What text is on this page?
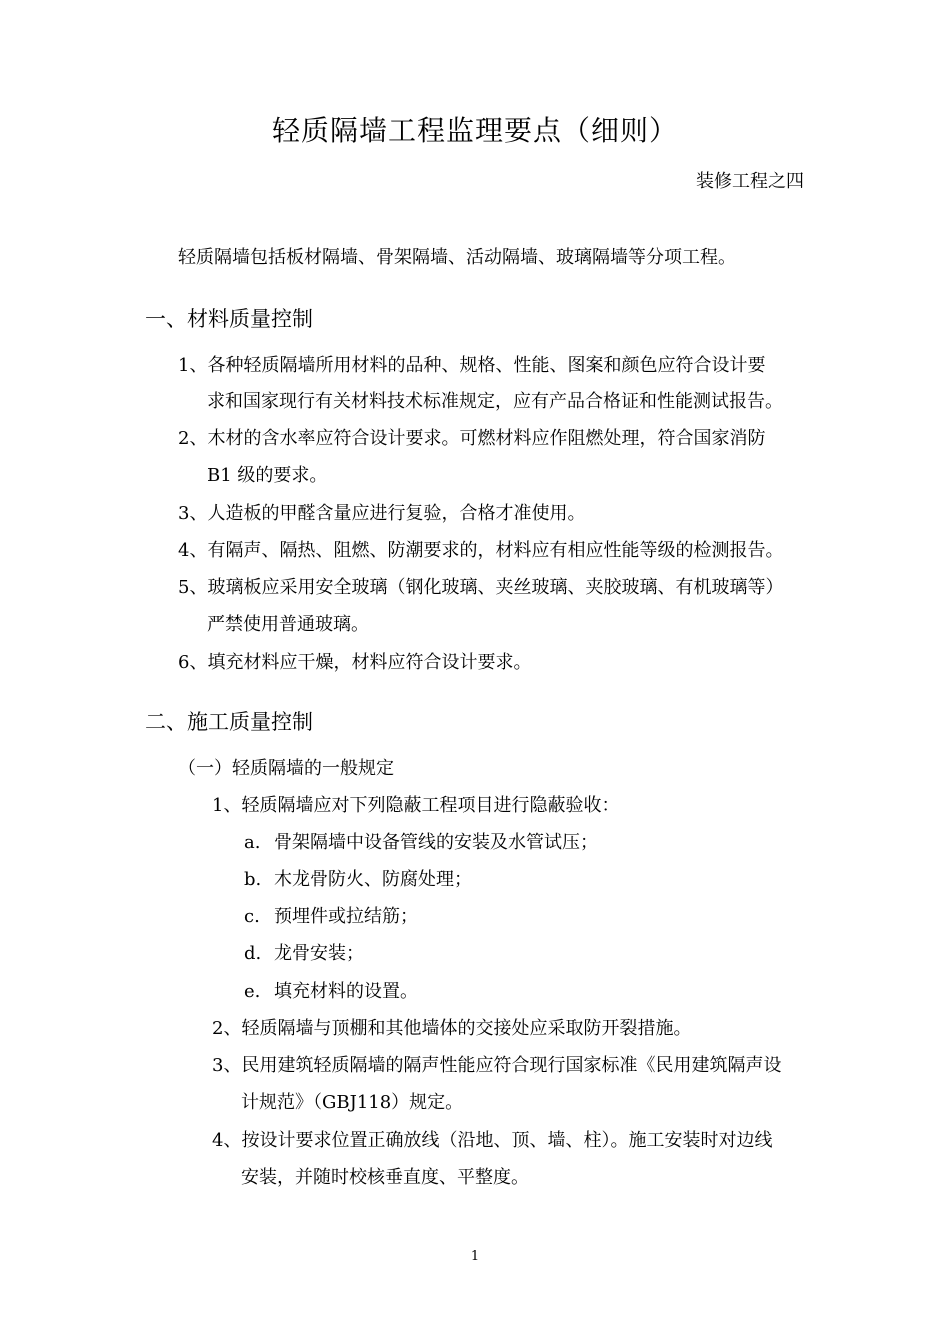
轻质隔墙工程监理要点（细则）
装修工程之四
轻质隔墙包括板材隔墙、骨架隔墙、活动隔墙、玻璃隔墙等分项工程。
一、材料质量控制
1、各种轻质隔墙所用材料的品种、规格、性能、图案和颜色应符合设计要
求和国家现行有关材料技术标准规定，应有产品合格证和性能测试报告。
2、木材的含水率应符合设计要求。可燃材料应作阻燃处理，符合国家消防
B1 级的要求。
3、人造板的甲醛含量应进行复验，合格才准使用。
4、有隔声、隔热、阻燃、防潮要求的，材料应有相应性能等级的检测报告。
5、玻璃板应采用安全玻璃（钢化玻璃、夹丝玻璃、夹胶玻璃、有机玻璃等）
严禁使用普通玻璃。
6、填充材料应干燥，材料应符合设计要求。
二、施工质量控制
（一）轻质隔墙的一般规定
1、轻质隔墙应对下列隐蔽工程项目进行隐蔽验收：
a. 骨架隔墙中设备管线的安装及水管试压；
b. 木龙骨防火、防腐处理；
c. 预埋件或拉结筋；
d. 龙骨安装；
e. 填充材料的设置。
2、轻质隔墙与顶棚和其他墙体的交接处应采取防开裂措施。
3、民用建筑轻质隔墙的隔声性能应符合现行国家标准《民用建筑隔声设
计规范》（GBJ118）规定。
4、按设计要求位置正确放线（沿地、顶、墙、柱）。施工安装时对边线
安装，并随时校核垂直度、平整度。
1
